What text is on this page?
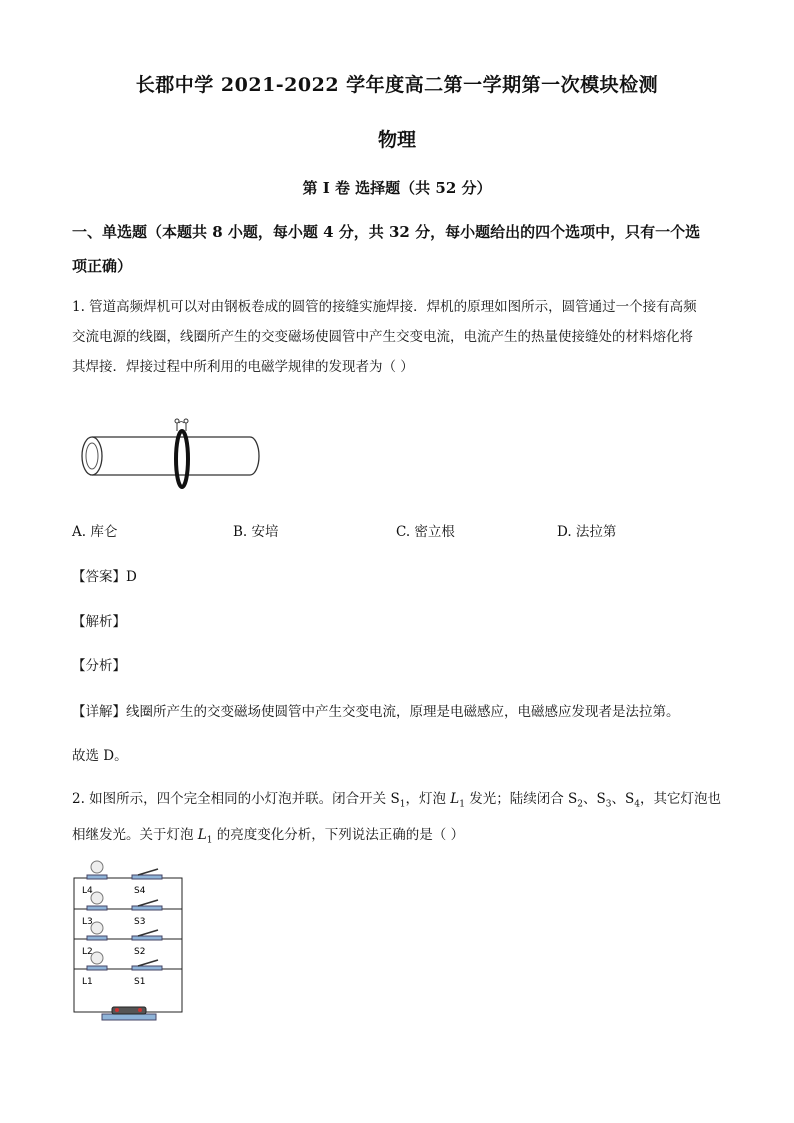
长郡中学 2021-2022 学年度高二第一学期第一次模块检测
物理
第 I 卷 选择题（共 52 分）
一、单选题（本题共 8 小题，每小题 4 分，共 32 分，每小题给出的四个选项中，只有一个选
项正确）
1. 管道高频焊机可以对由钢板卷成的圆管的接缝实施焊接．焊机的原理如图所示，圆管通过一个接有高频
交流电源的线圈，线圈所产生的交变磁场使圆管中产生交变电流，电流产生的热量使接缝处的材料熔化将
其焊接．焊接过程中所利用的电磁学规律的发现者为（ ）
A. 库仑	B. 安培	C. 密立根	D. 法拉第
【答案】D
【解析】
【分析】
【详解】线圈所产生的交变磁场使圆管中产生交变电流，原理是电磁感应，电磁感应发现者是法拉第。
故选 D。
2. 如图所示，四个完全相同的小灯泡并联。闭合开关 $S_1$，灯泡 $L_1$ 发光；陆续闭合 $S_2$、$S_3$、$S_4$，其它灯泡也
相继发光。关于灯泡 $L_1$ 的亮度变化分析，下列说法正确的是（ ）
L4	S4
L3	S3
L2	S2
L1	S1
